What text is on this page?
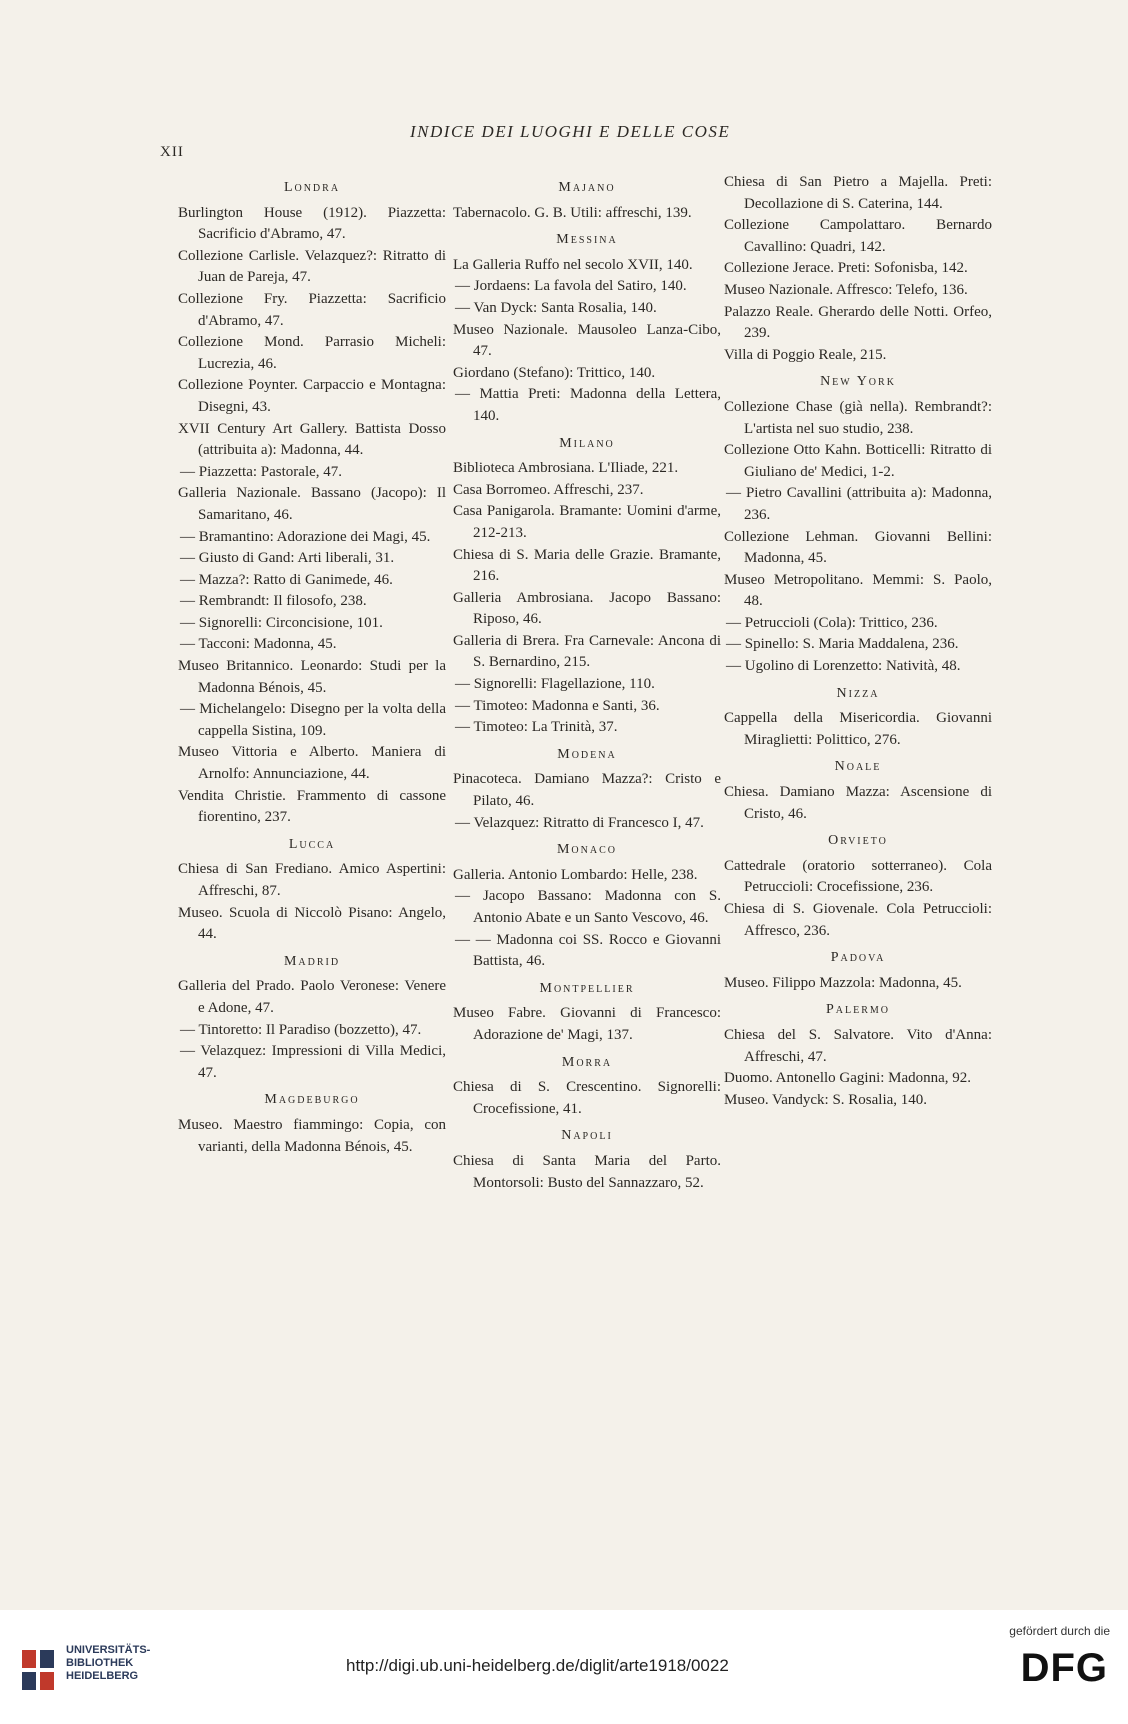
XII
INDICE DEI LUOGHI E DELLE COSE
Londra
Burlington House (1912). Piazzetta: Sacrificio d'Abramo, 47.
Collezione Carlisle. Velazquez?: Ritratto di Juan de Pareja, 47.
Collezione Fry. Piazzetta: Sacrificio d'Abramo, 47.
Collezione Mond. Parrasio Micheli: Lucrezia, 46.
Collezione Poynter. Carpaccio e Montagna: Disegni, 43.
XVII Century Art Gallery. Battista Dosso (attribuita a): Madonna, 44.
— Piazzetta: Pastorale, 47.
Galleria Nazionale. Bassano (Jacopo): Il Samaritano, 46.
— Bramantino: Adorazione dei Magi, 45.
— Giusto di Gand: Arti liberali, 31.
— Mazza?: Ratto di Ganimede, 46.
— Rembrandt: Il filosofo, 238.
— Signorelli: Circoncisione, 101.
— Tacconi: Madonna, 45.
Museo Britannico. Leonardo: Studi per la Madonna Bénois, 45.
— Michelangelo: Disegno per la volta della cappella Sistina, 109.
Museo Vittoria e Alberto. Maniera di Arnolfo: Annunciazione, 44.
Vendita Christie. Frammento di cassone fiorentino, 237.
Lucca
Chiesa di San Frediano. Amico Aspertini: Affreschi, 87.
Museo. Scuola di Niccolò Pisano: Angelo, 44.
Madrid
Galleria del Prado. Paolo Veronese: Venere e Adone, 47.
— Tintoretto: Il Paradiso (bozzetto), 47.
— Velazquez: Impressioni di Villa Medici, 47.
Magdeburgo
Museo. Maestro fiammingo: Copia, con varianti, della Madonna Bénois, 45.
Majano
Tabernacolo. G. B. Utili: affreschi, 139.
Messina
La Galleria Ruffo nel secolo XVII, 140.
— Jordaens: La favola del Satiro, 140.
— Van Dyck: Santa Rosalia, 140.
Museo Nazionale. Mausoleo Lanza-Cibo, 47.
Giordano (Stefano): Trittico, 140.
— Mattia Preti: Madonna della Lettera, 140.
Milano
Biblioteca Ambrosiana. L'Iliade, 221.
Casa Borromeo. Affreschi, 237.
Casa Panigarola. Bramante: Uomini d'arme, 212-213.
Chiesa di S. Maria delle Grazie. Bramante, 216.
Galleria Ambrosiana. Jacopo Bassano: Riposo, 46.
Galleria di Brera. Fra Carnevale: Ancona di S. Bernardino, 215.
— Signorelli: Flagellazione, 110.
— Timoteo: Madonna e Santi, 36.
— Timoteo: La Trinità, 37.
Modena
Pinacoteca. Damiano Mazza?: Cristo e Pilato, 46.
— Velazquez: Ritratto di Francesco I, 47.
Monaco
Galleria. Antonio Lombardo: Helle, 238.
— Jacopo Bassano: Madonna con S. Antonio Abate e un Santo Vescovo, 46.
— — Madonna coi SS. Rocco e Giovanni Battista, 46.
Montpellier
Museo Fabre. Giovanni di Francesco: Adorazione de' Magi, 137.
Morra
Chiesa di S. Crescentino. Signorelli: Crocefissione, 41.
Napoli
Chiesa di Santa Maria del Parto. Montorsoli: Busto del Sannazzaro, 52.
Chiesa di San Pietro a Majella. Preti: Decollazione di S. Caterina, 144.
Collezione Campolattaro. Bernardo Cavallino: Quadri, 142.
Collezione Jerace. Preti: Sofonisba, 142.
Museo Nazionale. Affresco: Telefo, 136.
Palazzo Reale. Gherardo delle Notti. Orfeo, 239.
Villa di Poggio Reale, 215.
New York
Collezione Chase (già nella). Rembrandt?: L'artista nel suo studio, 238.
Collezione Otto Kahn. Botticelli: Ritratto di Giuliano de' Medici, 1-2.
— Pietro Cavallini (attribuita a): Madonna, 236.
Collezione Lehman. Giovanni Bellini: Madonna, 45.
Museo Metropolitano. Memmi: S. Paolo, 48.
— Petruccioli (Cola): Trittico, 236.
— Spinello: S. Maria Maddalena, 236.
— Ugolino di Lorenzetto: Natività, 48.
Nizza
Cappella della Misericordia. Giovanni Miraglietti: Polittico, 276.
Noale
Chiesa. Damiano Mazza: Ascensione di Cristo, 46.
Orvieto
Cattedrale (oratorio sotterraneo). Cola Petruccioli: Crocefissione, 236.
Chiesa di S. Giovenale. Cola Petruccioli: Affresco, 236.
Padova
Museo. Filippo Mazzola: Madonna, 45.
Palermo
Chiesa del S. Salvatore. Vito d'Anna: Affreschi, 47.
Duomo. Antonello Gagini: Madonna, 92.
Museo. Vandyck: S. Rosalia, 140.
UNIVERSITÄTS-
BIBLIOTHEK
HEIDELBERG
http://digi.ub.uni-heidelberg.de/diglit/arte1918/0022
gefördert durch die
DFG
